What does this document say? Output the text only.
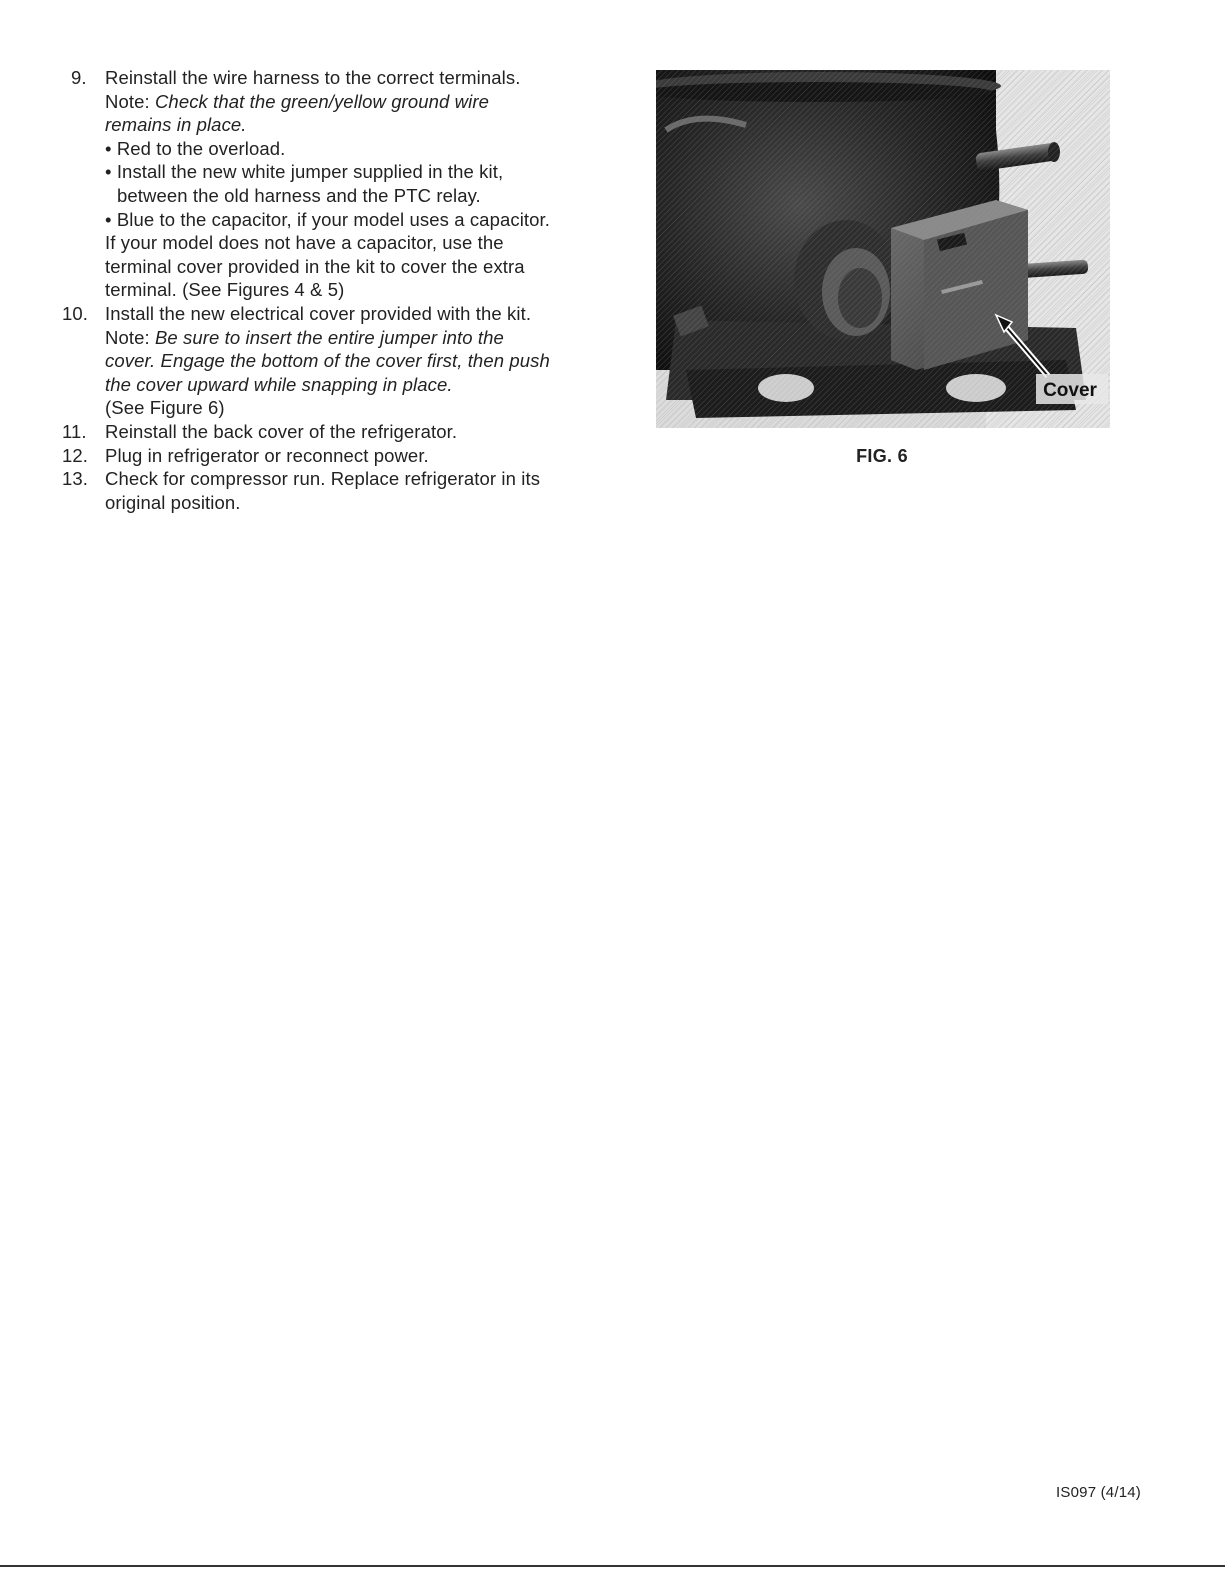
9. Reinstall the wire harness to the correct terminals.
Note: Check that the green/yellow ground wire
remains in place.
• Red to the overload.
• Install the new white jumper supplied in the kit,
between the old harness and the PTC relay.
• Blue to the capacitor, if your model uses a capacitor.
If your model does not have a capacitor, use the
terminal cover provided in the kit to cover the extra
terminal. (See Figures 4 & 5)
10. Install the new electrical cover provided with the kit.
Note: Be sure to insert the entire jumper into the
cover. Engage the bottom of the cover first, then push
the cover upward while snapping in place.
(See Figure 6)
11. Reinstall the back cover of the refrigerator.
12. Plug in refrigerator or reconnect power.
13. Check for compressor run. Replace refrigerator in its
original position.
Cover
FIG. 6
IS097 (4/14)
